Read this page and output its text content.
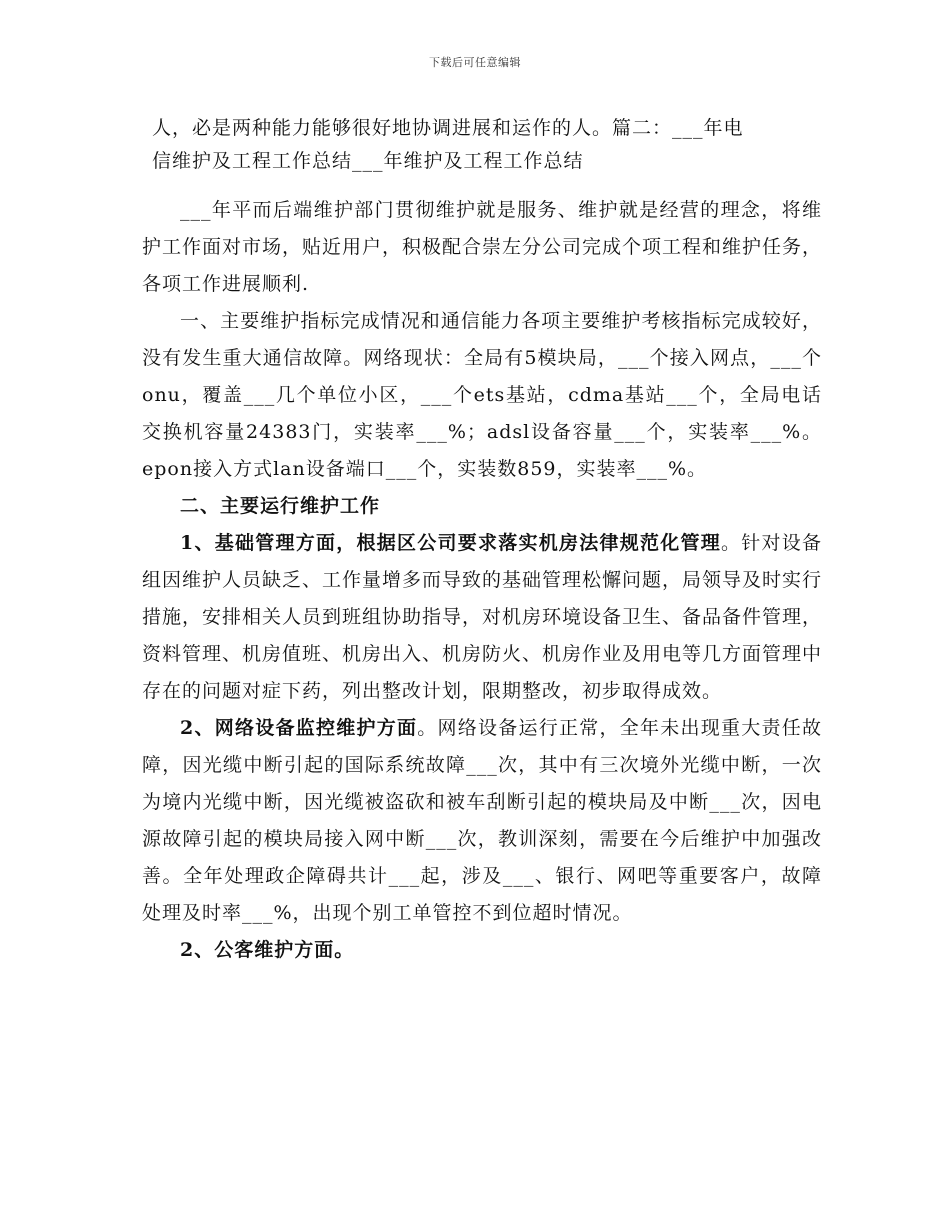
下载后可任意编辑
人，必是两种能力能够很好地协调进展和运作的人。篇二：___年电
信维护及工程工作总结___年维护及工程工作总结

___年平而后端维护部门贯彻维护就是服务、维护就是经营的理念，将维护工作面对市场，贴近用户，积极配合崇左分公司完成个项工程和维护任务，各项工作进展顺利.

一、主要维护指标完成情况和通信能力各项主要维护考核指标完成较好，没有发生重大通信故障。网络现状：全局有5模块局，___个接入网点，___个onu，覆盖___几个单位小区，___个ets基站，cdma基站___个，全局电话交换机容量24383门，实装率___%；adsl设备容量___个，实装率___%。epon接入方式lan设备端口___个，实装数859，实装率___%。

二、主要运行维护工作

1、基础管理方面，根据区公司要求落实机房法律规范化管理。针对设备组因维护人员缺乏、工作量增多而导致的基础管理松懈问题，局领导及时实行措施，安排相关人员到班组协助指导，对机房环境设备卫生、备品备件管理，资料管理、机房值班、机房出入、机房防火、机房作业及用电等几方面管理中存在的问题对症下药，列出整改计划，限期整改，初步取得成效。

2、网络设备监控维护方面。网络设备运行正常，全年未出现重大责任故障，因光缆中断引起的国际系统故障___次，其中有三次境外光缆中断，一次为境内光缆中断，因光缆被盗砍和被车刮断引起的模块局及中断___次，因电源故障引起的模块局接入网中断___次，教训深刻，需要在今后维护中加强改善。全年处理政企障碍共计___起，涉及___、银行、网吧等重要客户，故障处理及时率___%，出现个别工单管控不到位超时情况。

2、公客维护方面。
